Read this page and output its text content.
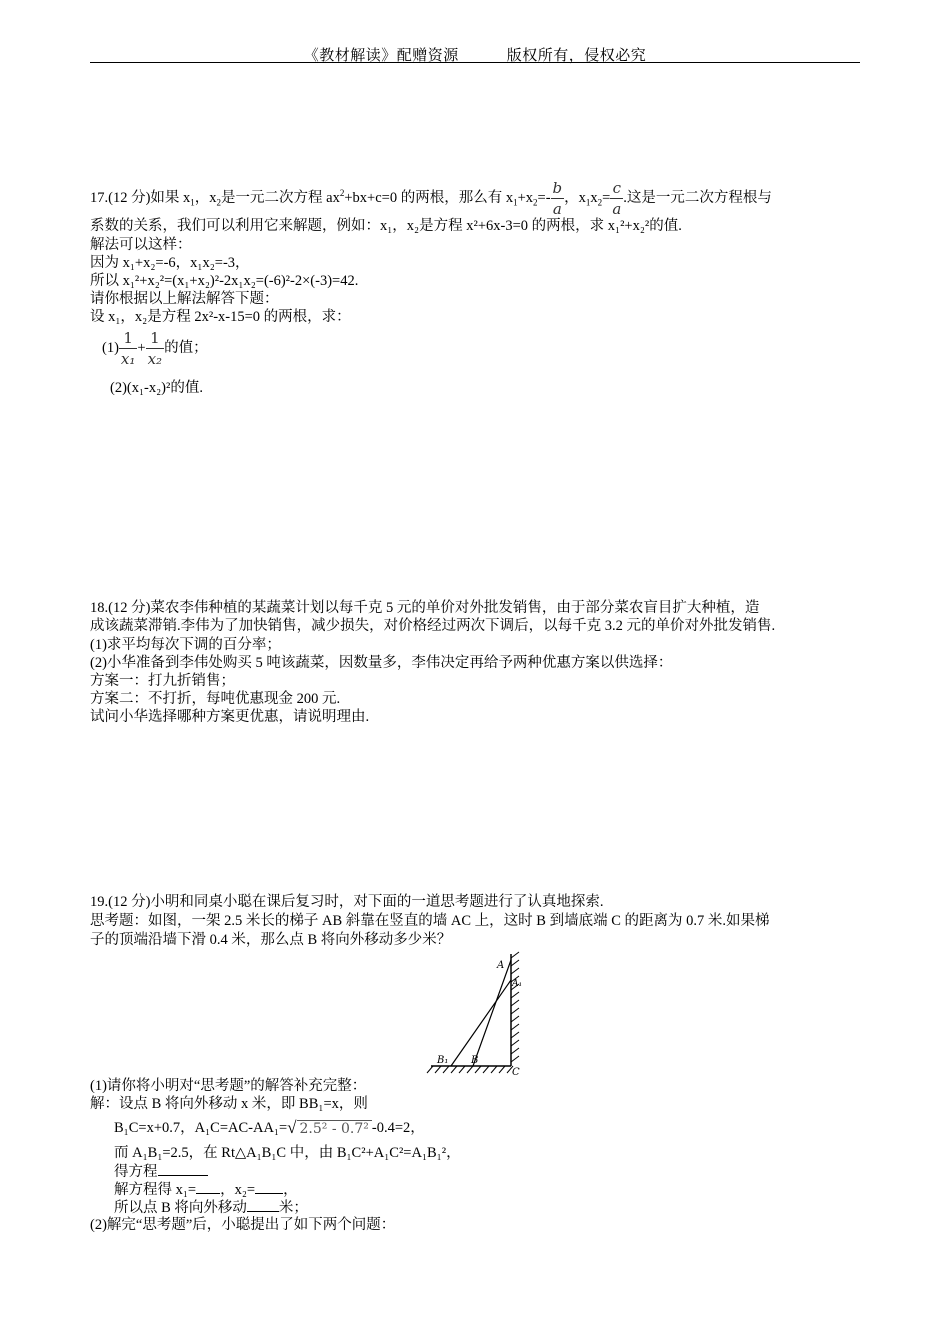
《教材解读》配赠资源	版权所有，侵权必究
17.(12 分)如果 $x_1$，$x_2$是一元二次方程 $ax^2+bx+c=0$ 的两根，那么有 $x_1+x_2=- \frac{b}{a}$ ，$x_1x_2= \frac{c}{a}$ .这是一元二次方程根与
系数的关系，我们可以利用它来解题，例如：x₁，x₂是方程 x²+6x-3=0 的两根，求 x₁²+x₂²的值.
解法可以这样：
因为 x₁+x₂=-6，x₁x₂=-3，
所以 x₁²+x₂²=(x₁+x₂)²-2x₁x₂=(-6)²-2×(-3)=42.
请你根据以上解法解答下题：
设 x₁，x₂是方程 2x²-x-15=0 的两根，求：
$(1) \frac{1}{\text{x₁}} + \frac{1}{\text{x₂}}$ 的值；
(2)(x₁-x₂)²的值.
18.(12 分)菜农李伟种植的某蔬菜计划以每千克 5 元的单价对外批发销售，由于部分菜农盲目扩大种植，造
成该蔬菜滞销.李伟为了加快销售，减少损失，对价格经过两次下调后，以每千克 3.2 元的单价对外批发销售.
(1)求平均每次下调的百分率；
(2)小华准备到李伟处购买 5 吨该蔬菜，因数量多，李伟决定再给予两种优惠方案以供选择：
方案一：打九折销售；
方案二：不打折，每吨优惠现金 200 元.
试问小华选择哪种方案更优惠，请说明理由.
19.(12 分)小明和同桌小聪在课后复习时，对下面的一道思考题进行了认真地探索.
思考题：如图，一架 2.5 米长的梯子 AB 斜靠在竖直的墙 AC 上，这时 B 到墙底端 C 的距离为 0.7 米.如果梯
子的顶端沿墙下滑 0.4 米，那么点 B 将向外移动多少米？
A
A₁
B₁ B
C
(1)请你将小明对“思考题”的解答补充完整：
解：设点 B 将向外移动 x 米，即 BB₁=x，则
B₁C=x+0.7，A₁C=AC-AA₁=√ 2.5² - 0.7² -0.4=2，
而 A₁B₁=2.5，在 Rt△A₁B₁C 中，由 B₁C²+A₁C²=A₁B₁²，
得方程
解方程得 x₁= ，x₂= ，
所以点 B 将向外移动 米；
(2)解完“思考题”后，小聪提出了如下两个问题：
